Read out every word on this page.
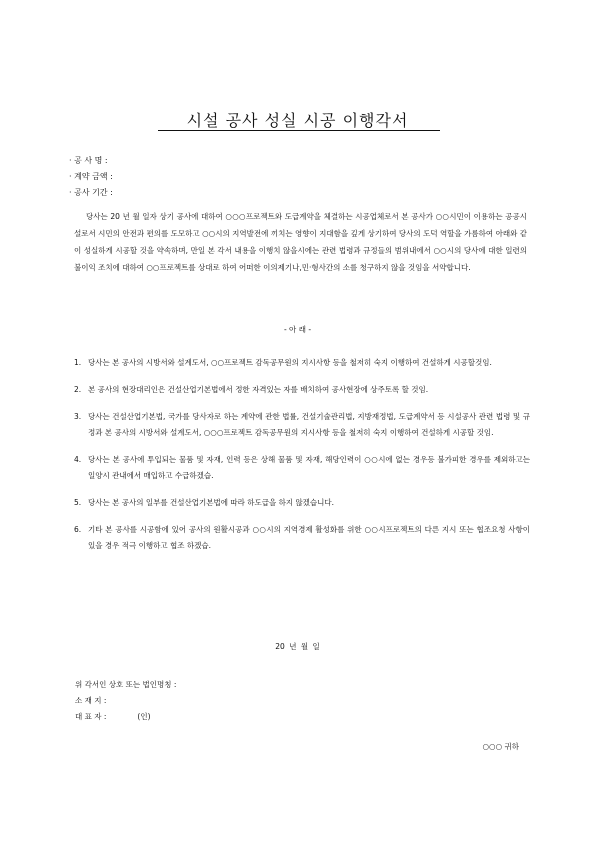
시설 공사 성실 시공 이행각서
· 공 사 명 :
· 계약 금액 :
· 공사 기간 :
당사는 20 년 월 일자 상기 공사에 대하여 ○○○프로젝트와 도급계약을 체결하는 시공업체로서 본 공사가 ○○시민이 이용하는 공공시설로서 시민의 안전과 편의를 도모하고 ○○시의 지역발전에 끼치는 영향이 지대함을 깊게 상기하여 당사의 도덕 역할을 가름하여 아래와 같이 성실하게 시공할 것을 약속하며, 만일 본 각서 내용을 이행치 않을시에는 관련 법령과 규정들의 범위내에서 ○○시의 당사에 대한 일련의 불이익 조치에 대하여 ○○프로젝트를 상대로 하여 어떠한 이의제기나,민·형사간의 소를 청구하지 않을 것임을 서약합니다.
- 아 래 -
1. 당사는 본 공사의 시방서와 설계도서, ○○프로젝트 감독공무원의 지시사항 등을 철저히 숙지 이행하여 건설하게 시공할것임.
2. 본 공사의 현장대리인은 건설산업기본법에서 정한 자격있는 자를 배치하여 공사현장에 상주토록 할 것임.
3. 당사는 건설산업기본법, 국가를 당사자로 하는 계약에 관한 법률, 건설기술관리법, 지방재정법, 도급계약서 등 시설공사 관련 법령 및 규정과 본 공사의 시방서와 설계도서, ○○○프로젝트 감독공무원의 지시사항 등을 철저히 숙지 이행하여 건설하게 시공할 것임.
4. 당사는 본 공사에 투입되는 물품 및 자재, 인력 등은 상해 물품 및 자재, 해당인력이 ○○시에 없는 경우등 불가피한 경우를 제외하고는 일양시 관내에서 매입하고 수급하겠습.
5. 당사는 본 공사의 일부를 건설산업기본법에 따라 하도급을 하지 않겠습니다.
6. 기타 본 공사를 시공함에 있어 공사의 원활시공과 ○○시의 지역경제 활성화를 위한 ○○시프로젝트의 다른 지시 또는 협조요청 사항이 있을 경우 적극 이행하고 협조 하겠습.
20 년 월 일
위 각서인 상호 또는 법인명칭 :
소 재 지 :
대 표 자 :             (인)
○○○ 귀하
